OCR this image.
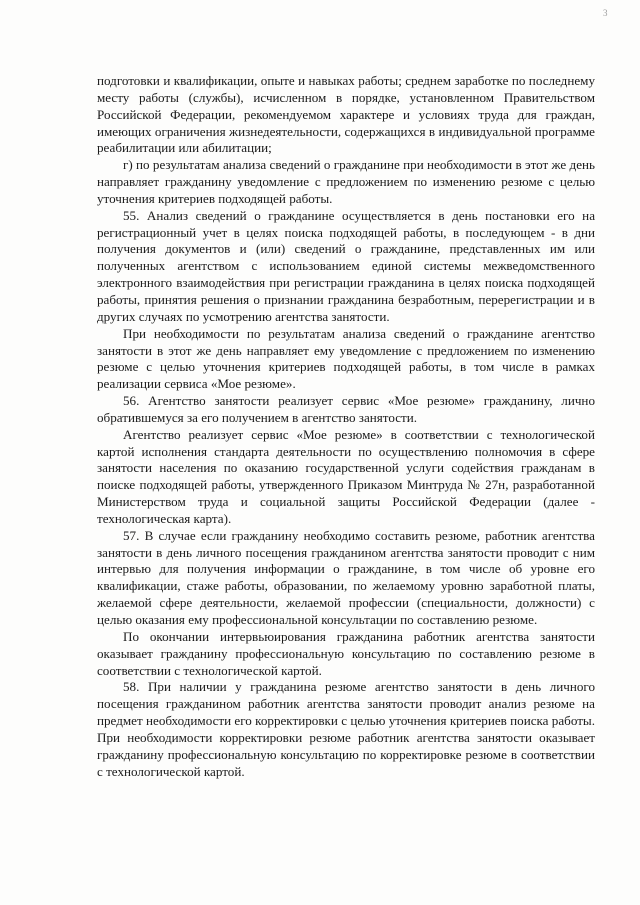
3

подготовки и квалификации, опыте и навыках работы; среднем заработке по последнему месту работы (службы), исчисленном в порядке, установленном Правительством Российской Федерации, рекомендуемом характере и условиях труда для граждан, имеющих ограничения жизнедеятельности, содержащихся в индивидуальной программе реабилитации или абилитации;

г) по результатам анализа сведений о гражданине при необходимости в этот же день направляет гражданину уведомление с предложением по изменению резюме с целью уточнения критериев подходящей работы.

55. Анализ сведений о гражданине осуществляется в день постановки его на регистрационный учет в целях поиска подходящей работы, в последующем - в дни получения документов и (или) сведений о гражданине, представленных им или полученных агентством с использованием единой системы межведомственного электронного взаимодействия при регистрации гражданина в целях поиска подходящей работы, принятия решения о признании гражданина безработным, перерегистрации и в других случаях по усмотрению агентства занятости.

При необходимости по результатам анализа сведений о гражданине агентство занятости в этот же день направляет ему уведомление с предложением по изменению резюме с целью уточнения критериев подходящей работы, в том числе в рамках реализации сервиса «Мое резюме».

56. Агентство занятости реализует сервис «Мое резюме» гражданину, лично обратившемуся за его получением в агентство занятости.

Агентство реализует сервис «Мое резюме» в соответствии с технологической картой исполнения стандарта деятельности по осуществлению полномочия в сфере занятости населения по оказанию государственной услуги содействия гражданам в поиске подходящей работы, утвержденного Приказом Минтруда № 27н, разработанной Министерством труда и социальной защиты Российской Федерации (далее - технологическая карта).

57. В случае если гражданину необходимо составить резюме, работник агентства занятости в день личного посещения гражданином агентства занятости проводит с ним интервью для получения информации о гражданине, в том числе об уровне его квалификации, стаже работы, образовании, по желаемому уровню заработной платы, желаемой сфере деятельности, желаемой профессии (специальности, должности) с целью оказания ему профессиональной консультации по составлению резюме.

По окончании интервьюирования гражданина работник агентства занятости оказывает гражданину профессиональную консультацию по составлению резюме в соответствии с технологической картой.

58. При наличии у гражданина резюме агентство занятости в день личного посещения гражданином работник агентства занятости проводит анализ резюме на предмет необходимости его корректировки с целью уточнения критериев поиска работы. При необходимости корректировки резюме работник агентства занятости оказывает гражданину профессиональную консультацию по корректировке резюме в соответствии с технологической картой.
